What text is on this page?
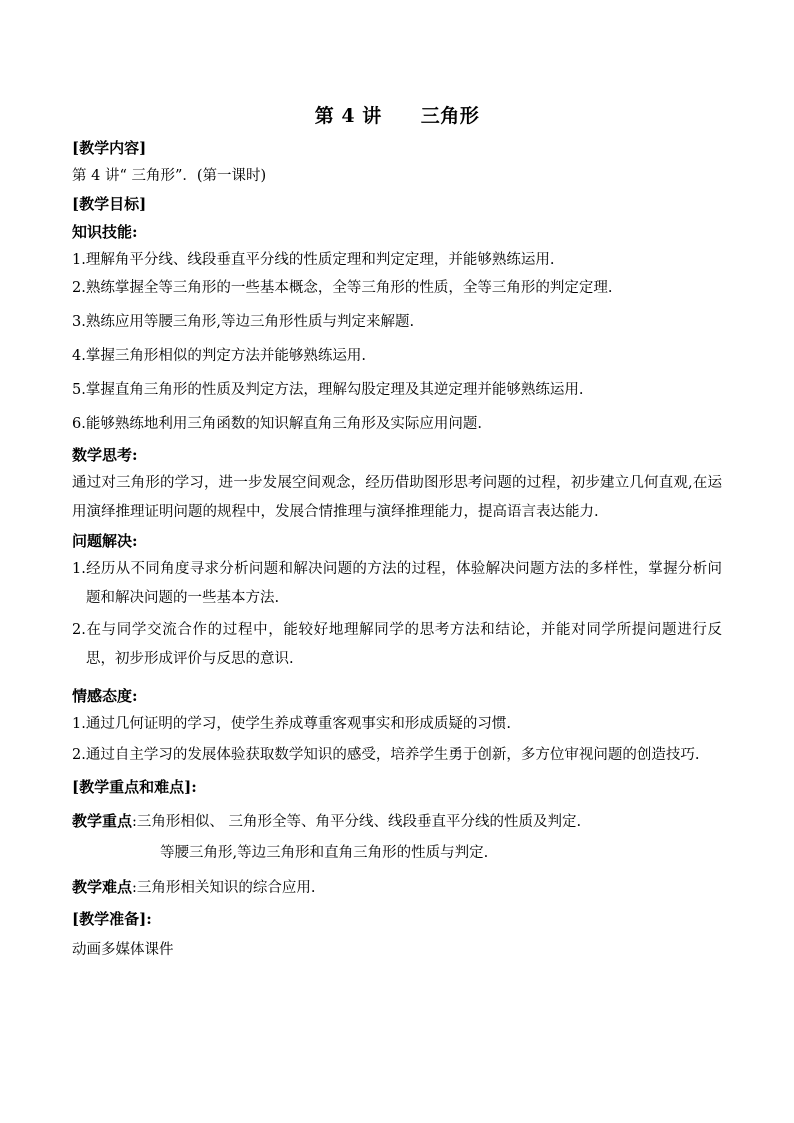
第 4 讲　　三角形
[教学内容]
第 4 讲“ 三角形”．(第一课时)
[教学目标]
知识技能:
1.理解角平分线、线段垂直平分线的性质定理和判定定理，并能够熟练运用.
2.熟练掌握全等三角形的一些基本概念，全等三角形的性质，全等三角形的判定定理.
3.熟练应用等腰三角形,等边三角形性质与判定来解题.
4.掌握三角形相似的判定方法并能够熟练运用.
5.掌握直角三角形的性质及判定方法，理解勾股定理及其逆定理并能够熟练运用.
6.能够熟练地利用三角函数的知识解直角三角形及实际应用问题.
数学思考:
通过对三角形的学习，进一步发展空间观念，经历借助图形思考问题的过程，初步建立几何直观,在运用演绎推理证明问题的规程中，发展合情推理与演绎推理能力，提高语言表达能力.
问题解决:
1.经历从不同角度寻求分析问题和解决问题的方法的过程，体验解决问题方法的多样性，掌握分析问题和解决问题的一些基本方法.
2.在与同学交流合作的过程中，能较好地理解同学的思考方法和结论，并能对同学所提问题进行反思，初步形成评价与反思的意识.
情感态度:
1.通过几何证明的学习，使学生养成尊重客观事实和形成质疑的习惯.
2.通过自主学习的发展体验获取数学知识的感受，培养学生勇于创新，多方位审视问题的创造技巧.
[教学重点和难点]:
教学重点:三角形相似、 三角形全等、角平分线、线段垂直平分线的性质及判定.
等腰三角形,等边三角形和直角三角形的性质与判定.
教学难点:三角形相关知识的综合应用.
[教学准备]:
动画多媒体课件
